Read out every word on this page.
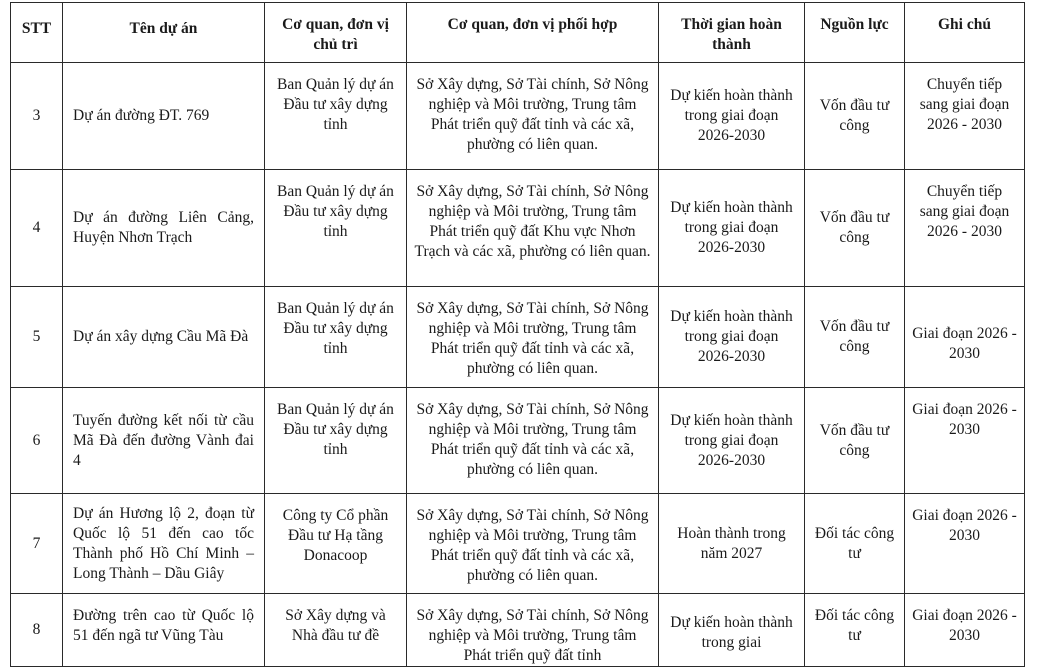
STT	Tên dự án	Cơ quan, đơn vị chủ trì	Cơ quan, đơn vị phối hợp	Thời gian hoàn thành	Nguồn lực	Ghi chú
3	Dự án đường ĐT. 769	Ban Quản lý dự án Đầu tư xây dựng tỉnh	Sở Xây dựng, Sở Tài chính, Sở Nông nghiệp và Môi trường, Trung tâm Phát triển quỹ đất tỉnh và các xã, phường có liên quan.	Dự kiến hoàn thành trong giai đoạn 2026-2030	Vốn đầu tư công	Chuyển tiếp sang giai đoạn 2026 - 2030
4	Dự án đường Liên Cảng, Huyện Nhơn Trạch	Ban Quản lý dự án Đầu tư xây dựng tỉnh	Sở Xây dựng, Sở Tài chính, Sở Nông nghiệp và Môi trường, Trung tâm Phát triển quỹ đất Khu vực Nhơn Trạch và các xã, phường có liên quan.	Dự kiến hoàn thành trong giai đoạn 2026-2030	Vốn đầu tư công	Chuyển tiếp sang giai đoạn 2026 - 2030
5	Dự án xây dựng Cầu Mã Đà	Ban Quản lý dự án Đầu tư xây dựng tỉnh	Sở Xây dựng, Sở Tài chính, Sở Nông nghiệp và Môi trường, Trung tâm Phát triển quỹ đất tỉnh và các xã, phường có liên quan.	Dự kiến hoàn thành trong giai đoạn 2026-2030	Vốn đầu tư công	Giai đoạn 2026 - 2030
6	Tuyến đường kết nối từ cầu Mã Đà đến đường Vành đai 4	Ban Quản lý dự án Đầu tư xây dựng tỉnh	Sở Xây dựng, Sở Tài chính, Sở Nông nghiệp và Môi trường, Trung tâm Phát triển quỹ đất tỉnh và các xã, phường có liên quan.	Dự kiến hoàn thành trong giai đoạn 2026-2030	Vốn đầu tư công	Giai đoạn 2026 - 2030
7	Dự án Hương lộ 2, đoạn từ Quốc lộ 51 đến cao tốc Thành phố Hồ Chí Minh – Long Thành – Dầu Giây	Công ty Cổ phần Đầu tư Hạ tầng Donacoop	Sở Xây dựng, Sở Tài chính, Sở Nông nghiệp và Môi trường, Trung tâm Phát triển quỹ đất tỉnh và các xã, phường có liên quan.	Hoàn thành trong năm 2027	Đối tác công tư	Giai đoạn 2026 - 2030
8	Đường trên cao từ Quốc lộ 51 đến ngã tư Vũng Tàu	Sở Xây dựng và Nhà đầu tư đề	Sở Xây dựng, Sở Tài chính, Sở Nông nghiệp và Môi trường, Trung tâm Phát triển quỹ đất tỉnh	Dự kiến hoàn thành trong giai	Đối tác công tư	Giai đoạn 2026 - 2030
